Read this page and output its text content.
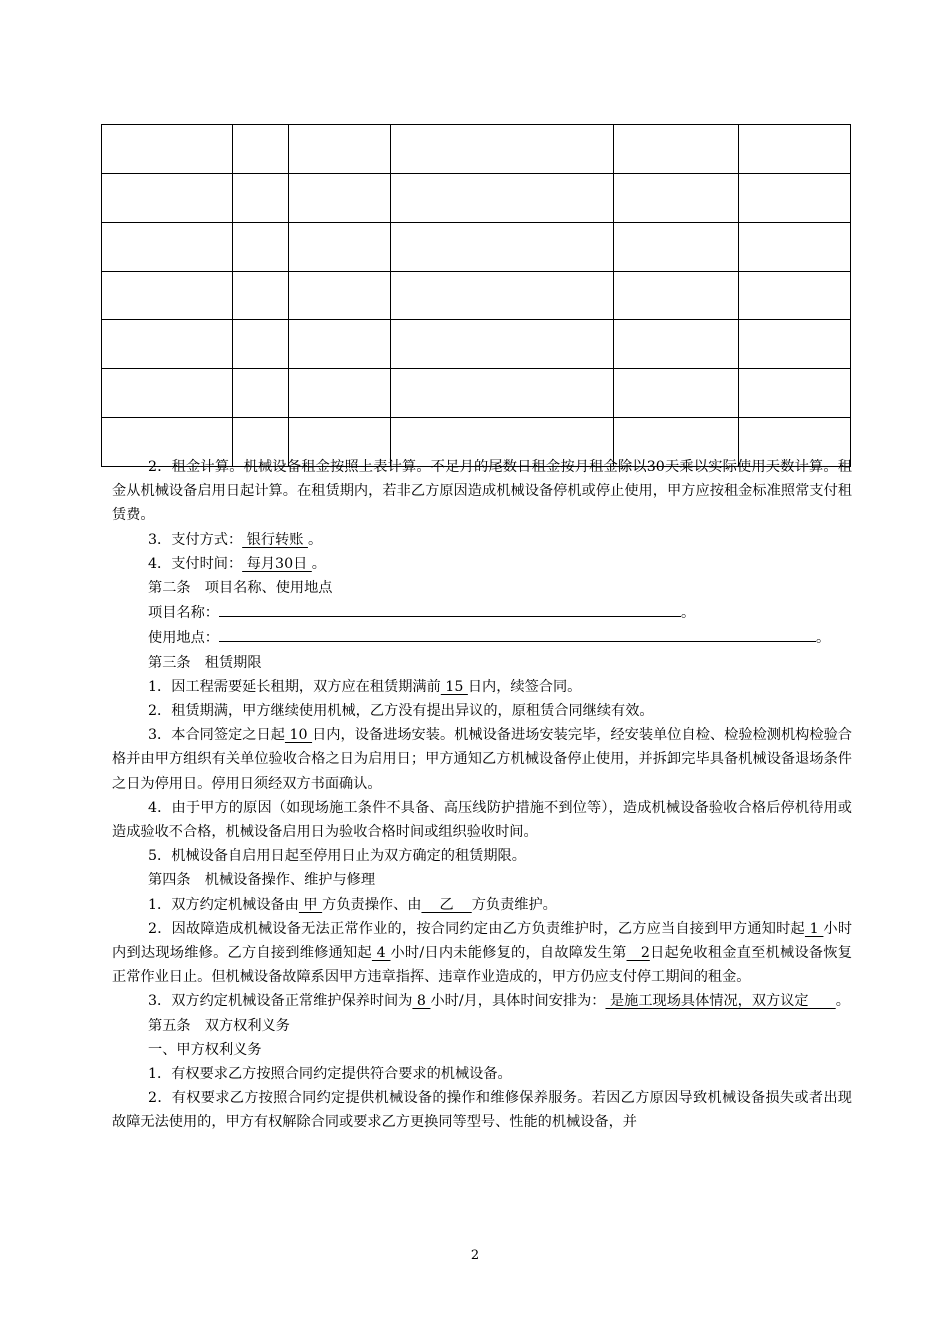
2．租金计算。机械设备租金按照上表计算。不足月的尾数日租金按月租金除以30天乘以实际使用天数计算。租金从机械设备启用日起计算。在租赁期内，若非乙方原因造成机械设备停机或停止使用，甲方应按租金标准照常支付租赁费。

3．支付方式： 银行转账 。

4．支付时间： 每月30日 。

第二条　项目名称、使用地点

项目名称：	。

使用地点：	。

第三条　租赁期限

1．因工程需要延长租期，双方应在租赁期满前 15 日内，续签合同。

2．租赁期满，甲方继续使用机械，乙方没有提出异议的，原租赁合同继续有效。

3．本合同签定之日起 10 日内，设备进场安装。机械设备进场安装完毕，经安装单位自检、检验检测机构检验合格并由甲方组织有关单位验收合格之日为启用日；甲方通知乙方机械设备停止使用，并拆卸完毕具备机械设备退场条件之日为停用日。停用日须经双方书面确认。

4．由于甲方的原因（如现场施工条件不具备、高压线防护措施不到位等），造成机械设备验收合格后停机待用或造成验收不合格，机械设备启用日为验收合格时间或组织验收时间。

5．机械设备自启用日起至停用日止为双方确定的租赁期限。

第四条　机械设备操作、维护与修理

1．双方约定机械设备由 甲 方负责操作、由    乙    方负责维护。

2．因故障造成机械设备无法正常作业的，按合同约定由乙方负责维护时，乙方应当自接到甲方通知时起 1 小时内到达现场维修。乙方自接到维修通知起 4 小时/日内未能修复的，自故障发生第   2日起免收租金直至机械设备恢复正常作业日止。但机械设备故障系因甲方违章指挥、违章作业造成的，甲方仍应支付停工期间的租金。

3．双方约定机械设备正常维护保养时间为 8 小时/月，具体时间安排为： 是施工现场具体情况，双方议定      。

第五条　双方权利义务

一、甲方权利义务

1．有权要求乙方按照合同约定提供符合要求的机械设备。

2．有权要求乙方按照合同约定提供机械设备的操作和维修保养服务。若因乙方原因导致机械设备损失或者出现故障无法使用的，甲方有权解除合同或要求乙方更换同等型号、性能的机械设备，并

2
